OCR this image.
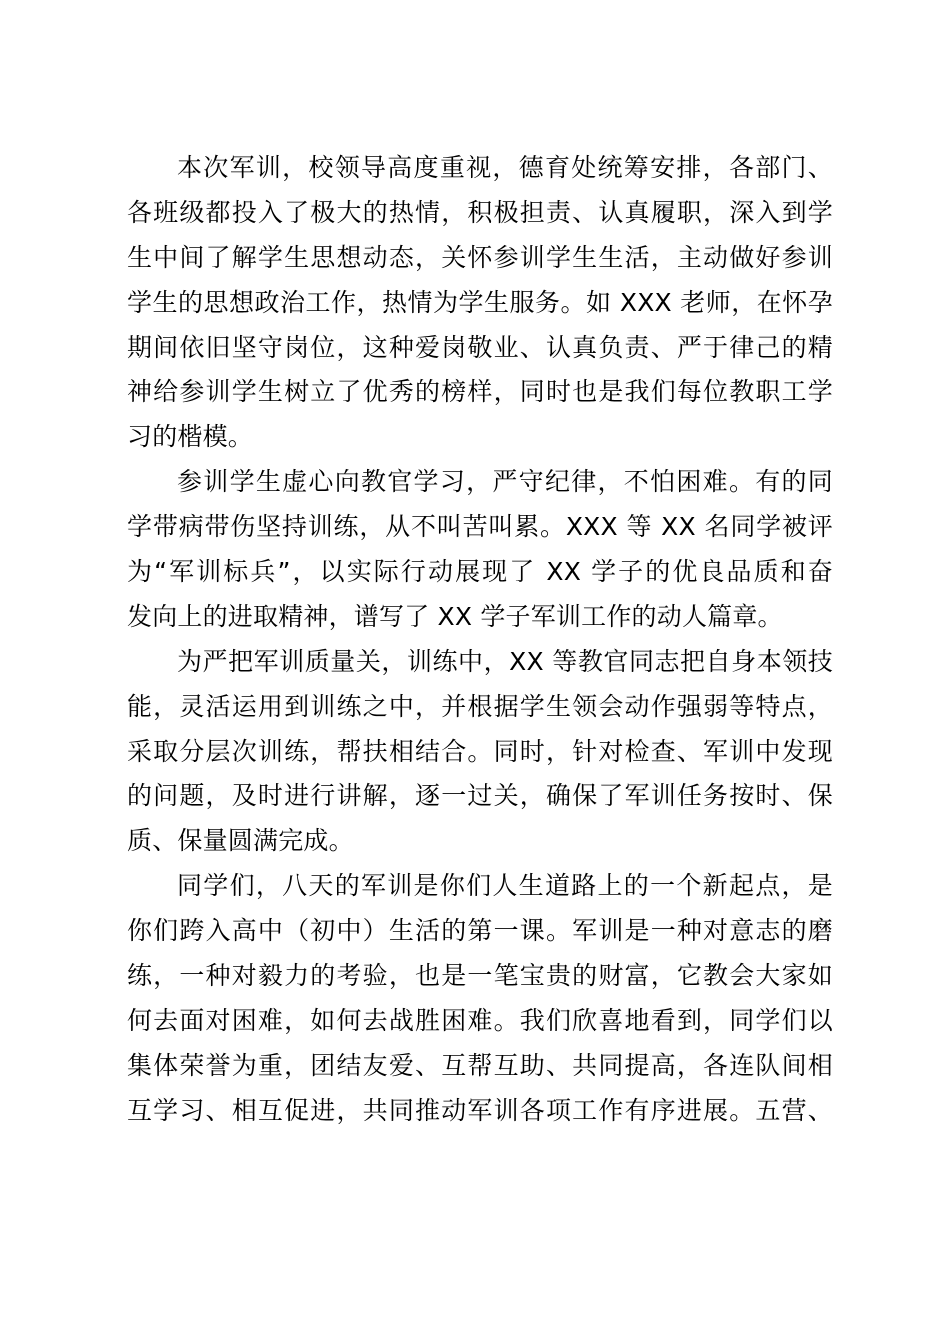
本次军训，校领导高度重视，德育处统筹安排，各部门、
各班级都投入了极大的热情，积极担责、认真履职，深入到学
生中间了解学生思想动态，关怀参训学生生活，主动做好参训
学生的思想政治工作，热情为学生服务。如 XXX 老师，在怀孕
期间依旧坚守岗位，这种爱岗敬业、认真负责、严于律己的精
神给参训学生树立了优秀的榜样，同时也是我们每位教职工学
习的楷模。
参训学生虚心向教官学习，严守纪律，不怕困难。有的同
学带病带伤坚持训练，从不叫苦叫累。XXX 等 XX 名同学被评
为“军训标兵”，以实际行动展现了 XX 学子的优良品质和奋
发向上的进取精神，谱写了 XX 学子军训工作的动人篇章。
为严把军训质量关，训练中，XX 等教官同志把自身本领技
能，灵活运用到训练之中，并根据学生领会动作强弱等特点，
采取分层次训练，帮扶相结合。同时，针对检查、军训中发现
的问题，及时进行讲解，逐一过关，确保了军训任务按时、保
质、保量圆满完成。
同学们，八天的军训是你们人生道路上的一个新起点，是
你们跨入高中（初中）生活的第一课。军训是一种对意志的磨
练，一种对毅力的考验，也是一笔宝贵的财富，它教会大家如
何去面对困难，如何去战胜困难。我们欣喜地看到，同学们以
集体荣誉为重，团结友爱、互帮互助、共同提高，各连队间相
互学习、相互促进，共同推动军训各项工作有序进展。五营、
